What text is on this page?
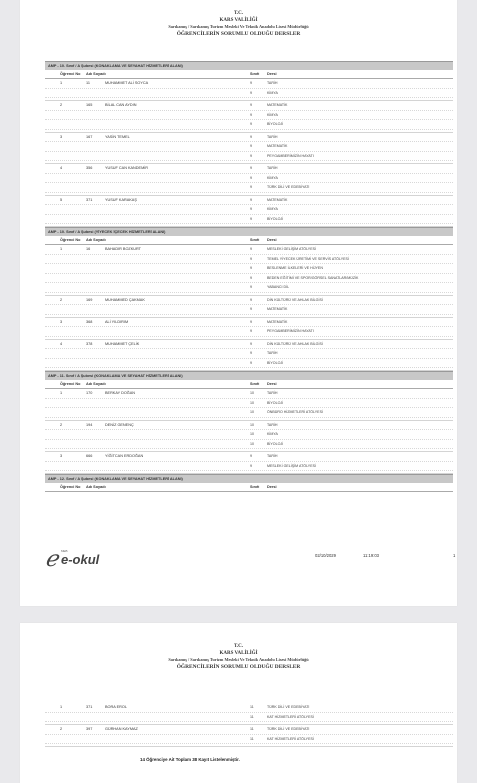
T.C.
KARS VALİLİĞİ
Sarıkamış / Sarıkamış Turizm Mesleki Ve Teknik Anadolu Lisesi Müdürlüğü
ÖĞRENCİLERİN SORUMLU OLDUĞU DERSLER
AMP - 10. Sınıf / A Şubesi (KONAKLAMA VE SEYAHAT HİZMETLERİ ALANI)
Öğrenci No Adı Soyadı	Sınıfı Dersi
1	11	MUHAMMET ALİ SOYCA	9	TARİH
9	KİMYA
2	165	BİLAL CAN AYDIN	9	MATEMATİK
9	KİMYA
9	BİYOLOJİ
3	167	YASİN TEMEL	9	TARİH
9	MATEMATİK
9	PEYGAMBERİMİZİN HAYATI
4	356	YUSUF CAN KANDEMİR	9	TARİH
9	KİMYA
9	TÜRK DİLİ VE EDEBİYATI
5	371	YUSUF KARAKAŞ	9	MATEMATİK
9	KİMYA
9	BİYOLOJİ
AMP - 10. Sınıf / A Şubesi (YİYECEK İÇECEK HİZMETLERİ ALANI)
Öğrenci No Adı Soyadı	Sınıfı Dersi
1	16	BAHADIR BOZKURT	9	MESLEKİ GELİŞİM ATÖLYESİ
9	TEMEL YİYECEK ÜRETİMİ VE SERVİS ATÖLYESİ
9	BESLENME İLKELERİ VE HİJYEN
9	BEDEN EĞİTİMİ VE SPOR/GÖRSEL SANATLAR/MÜZİK
9	YABANCI DİL
2	169	MUHAMMED ÇAKMAK	9	DİN KÜLTÜRÜ VE AHLAK BİLGİSİ
9	MATEMATİK
3	368	ALİ YILDIRIM	9	MATEMATİK
9	PEYGAMBERİMİZİN HAYATI
4	378	MUHAMMET ÇELİK	9	DİN KÜLTÜRÜ VE AHLAK BİLGİSİ
9	TARİH
9	BİYOLOJİ
AMP - 11. Sınıf / A Şubesi (KONAKLAMA VE SEYAHAT HİZMETLERİ ALANI)
Öğrenci No Adı Soyadı	Sınıfı Dersi
1	170	BERKAY DOĞAN	10	TARİH
10	BİYOLOJİ
10	ÖNBÜRO HİZMETLERİ ATÖLYESİ
2	194	DENİZ GENENÇ	10	TARİH
10	KİMYA
10	BİYOLOJİ
3	666	YİĞİTCAN ERDOĞAN	9	TARİH
9	MESLEKİ GELİŞİM ATÖLYESİ
AMP - 12. Sınıf / A Şubesi (KONAKLAMA VE SEYAHAT HİZMETLERİ ALANI)
Öğrenci No Adı Soyadı	Sınıfı Dersi
ℯ MEB
e-okul	02/10/2029	11:19:03	1
T.C.
KARS VALİLİĞİ
Sarıkamış / Sarıkamış Turizm Mesleki Ve Teknik Anadolu Lisesi Müdürlüğü
ÖĞRENCİLERİN SORUMLU OLDUĞU DERSLER
1	371	BORA EROL	11	TÜRK DİLİ VE EDEBİYATI
11	KAT HİZMETLERİ ATÖLYESİ
2	397	GÜRHAN KAYMAZ	11	TÜRK DİLİ VE EDEBİYATI
11	KAT HİZMETLERİ ATÖLYESİ
14 Öğrenciye Ait Toplam 38 Kayıt Listelenmiştir.
